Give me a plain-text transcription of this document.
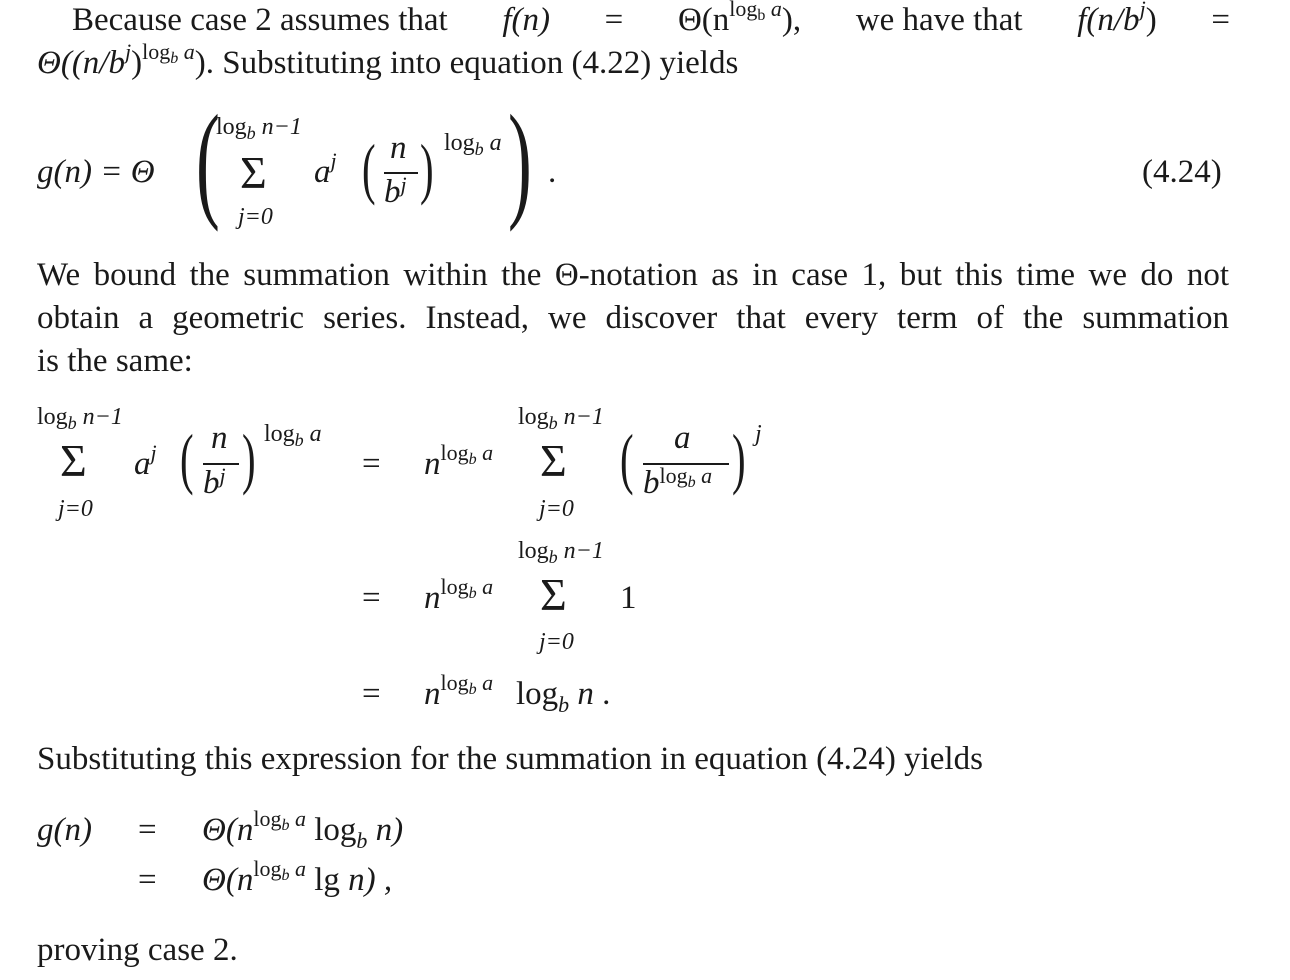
Because case 2 assumes that $f(n) = \Theta(n^{logb a})$, we have that $f(n/b^j)$ =
$\Theta((n/b^j)^{logb a})$. Substituting into equation (4.22) yields
g(n) = Θ (
$\log_b n-1$
Σ
j=0
$a^j$ ( n
$b^j$ ) $\log_b a$ ) .	(4.24)
We bound the summation within the Θ-notation as in case 1, but this time we do not
obtain a geometric series. Instead, we discover that every term of the summation
is the same:
$\log_b n-1$
Σ
j=0
$a^j$ ( n
$b^j$ ) $\log_b a$
= $n^{logb a}$
$\log_b n-1$
Σ
j=0
( a
$b^{logb a}$ ) j
= $n^{logb a}$
$\log_b n-1$
Σ
j=0
1
= $n^{logb a}$ $\log_b n$ .
Substituting this expression for the summation in equation (4.24) yields
$g(n) = \Theta(n^{logb a}$ $\log_b n$)
= $\Theta(n^{logb a}$ lg n) ,
proving case 2.
